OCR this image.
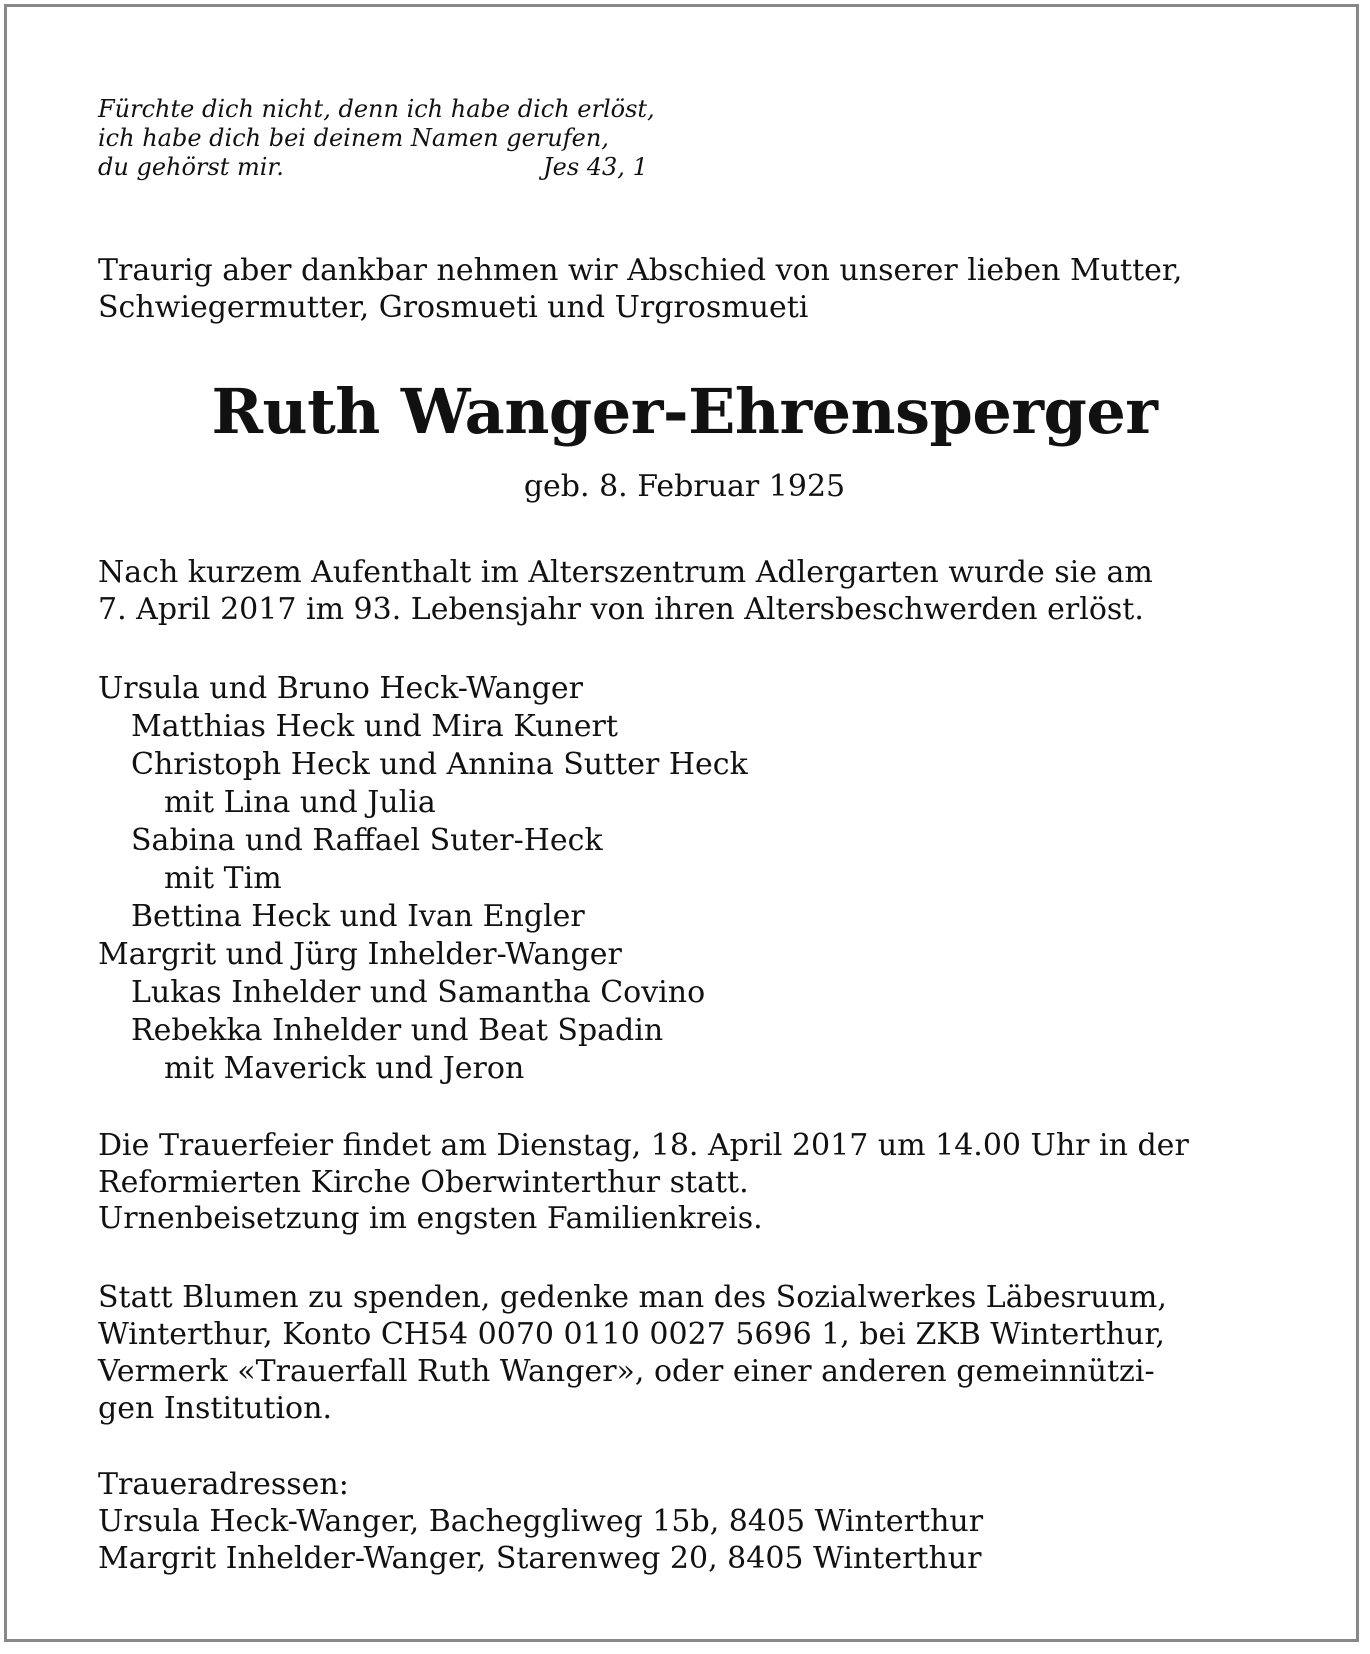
Fürchte dich nicht, denn ich habe dich erlöst,
ich habe dich bei deinem Namen gerufen,
du gehörst mir.	Jes 43, 1
Traurig aber dankbar nehmen wir Abschied von unserer lieben Mutter,
Schwiegermutter, Grosmueti und Urgrosmueti
Ruth Wanger-Ehrensperger
geb. 8. Februar 1925
Nach kurzem Aufenthalt im Alterszentrum Adlergarten wurde sie am
7. April 2017 im 93. Lebensjahr von ihren Altersbeschwerden erlöst.
Ursula und Bruno Heck-Wanger
Matthias Heck und Mira Kunert
Christoph Heck und Annina Sutter Heck
mit Lina und Julia
Sabina und Raffael Suter-Heck
mit Tim
Bettina Heck und Ivan Engler
Margrit und Jürg Inhelder-Wanger
Lukas Inhelder und Samantha Covino
Rebekka Inhelder und Beat Spadin
mit Maverick und Jeron
Die Trauerfeier findet am Dienstag, 18. April 2017 um 14.00 Uhr in der
Reformierten Kirche Oberwinterthur statt.
Urnenbeisetzung im engsten Familienkreis.
Statt Blumen zu spenden, gedenke man des Sozialwerkes Läbesruum,
Winterthur, Konto CH54 0070 0110 0027 5696 1, bei ZKB Winterthur,
Vermerk «Trauerfall Ruth Wanger», oder einer anderen gemeinnützi-
gen Institution.
Traueradressen:
Ursula Heck-Wanger, Bacheggliweg 15b, 8405 Winterthur
Margrit Inhelder-Wanger, Starenweg 20, 8405 Winterthur
